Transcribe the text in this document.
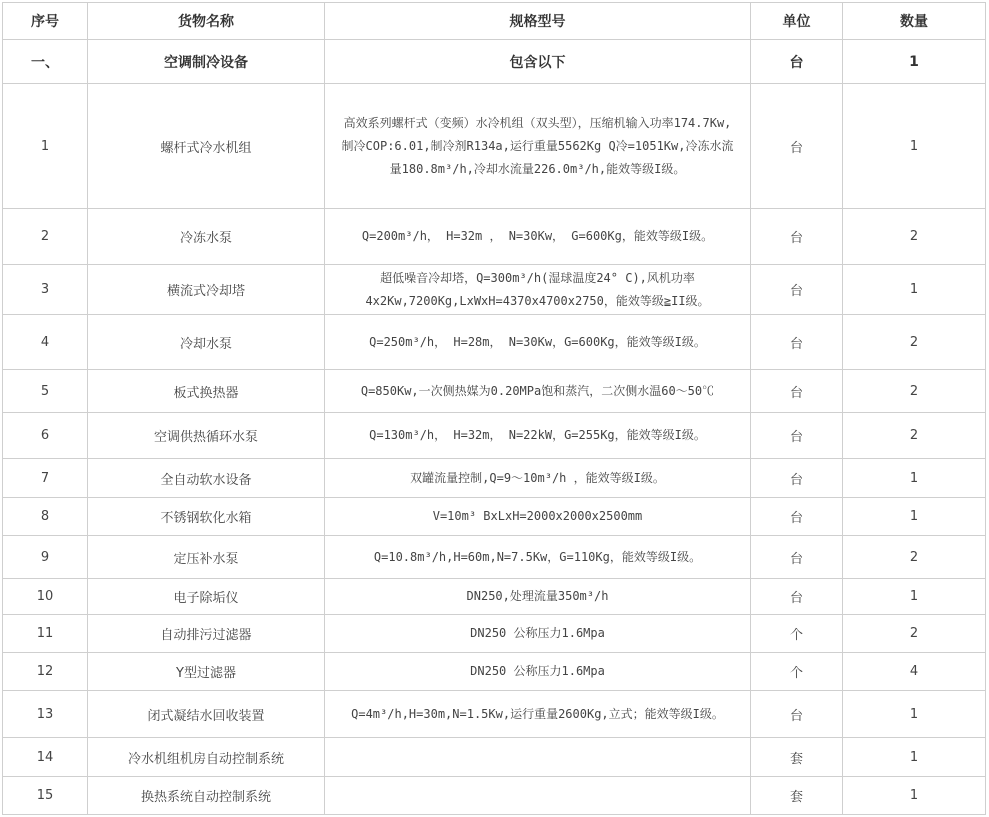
序号	货物名称	规格型号	单位	数量
一、	空调制冷设备	包含以下	台	1
1	螺杆式冷水机组	高效系列螺杆式（变频）水冷机组（双头型），压缩机输入功率174.7Kw,制冷COP:6.01,制冷剂R134a,运行重量5562Kg Q冷=1051Kw,冷冻水流量180.8m³/h,冷却水流量226.0m³/h,能效等级I级。	台	1
2	冷冻水泵	Q=200m³/h， H=32m ， N=30Kw， G=600Kg，能效等级I级。	台	2
3	横流式冷却塔	超低噪音冷却塔，Q=300m³/h(湿球温度24° C),风机功率4x2Kw,7200Kg,LxWxH=4370x4700x2750，能效等级≧II级。	台	1
4	冷却水泵	Q=250m³/h， H=28m， N=30Kw，G=600Kg，能效等级I级。	台	2
5	板式换热器	Q=850Kw,一次侧热媒为0.20MPa饱和蒸汽，二次侧水温60～50℃	台	2
6	空调供热循环水泵	Q=130m³/h， H=32m， N=22kW，G=255Kg，能效等级I级。	台	2
7	全自动软水设备	双罐流量控制,Q=9～10m³/h ，能效等级I级。	台	1
8	不锈钢软化水箱	V=10m³ BxLxH=2000x2000x2500mm	台	1
9	定压补水泵	Q=10.8m³/h,H=60m,N=7.5Kw，G=110Kg，能效等级I级。	台	2
10	电子除垢仪	DN250,处理流量350m³/h	台	1
11	自动排污过滤器	DN250 公称压力1.6Mpa	个	2
12	Y型过滤器	DN250 公称压力1.6Mpa	个	4
13	闭式凝结水回收装置	Q=4m³/h,H=30m,N=1.5Kw,运行重量2600Kg,立式；能效等级I级。	台	1
14	冷水机组机房自动控制系统		套	1
15	换热系统自动控制系统		套	1
